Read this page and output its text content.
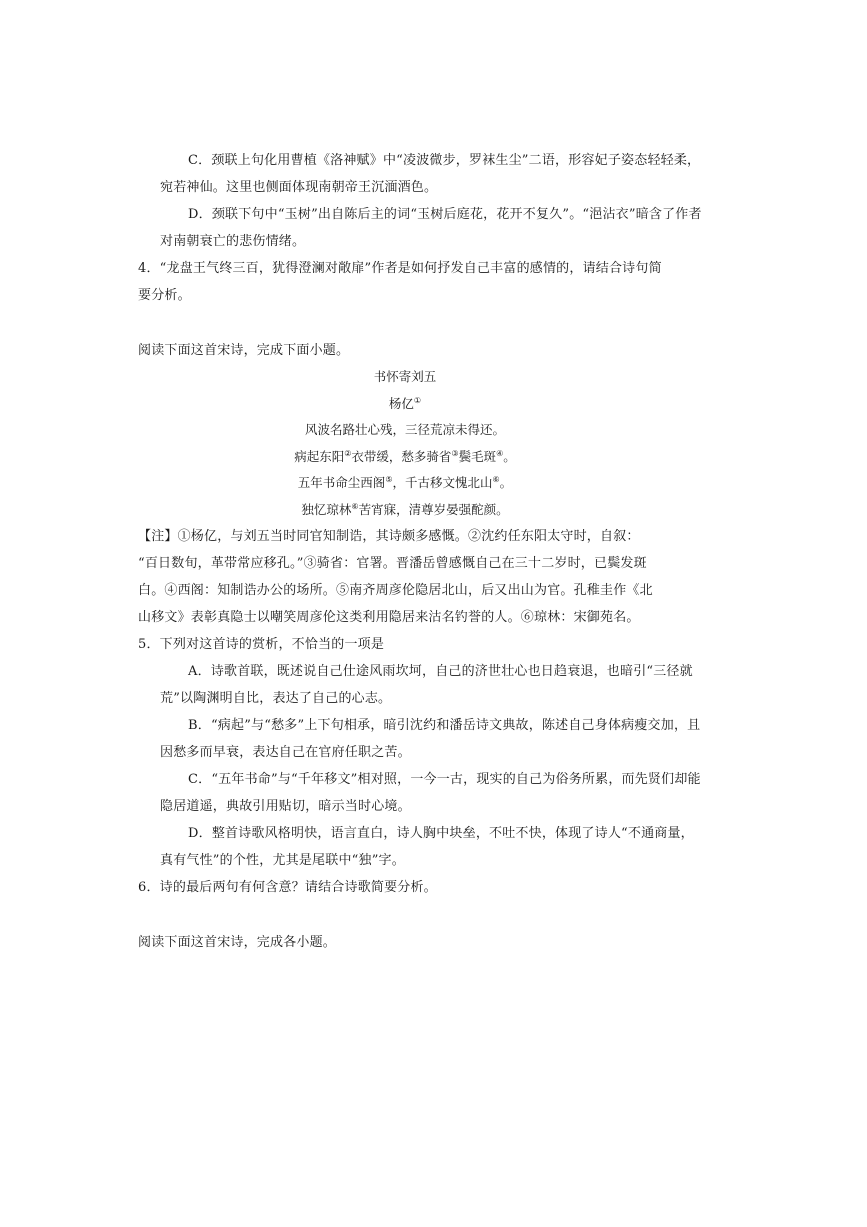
C．颈联上句化用曹植《洛神赋》中“凌波微步，罗袜生尘”二语，形容妃子姿态轻轻柔，
宛若神仙。这里也侧面体现南朝帝王沉湎酒色。
D．颈联下句中“玉树”出自陈后主的词“玉树后庭花，花开不复久”。“浥沾衣”暗含了作者
对南朝衰亡的悲伤情绪。
4．“龙盘王气终三百，犹得澄澜对敞扉”作者是如何抒发自己丰富的感情的，请结合诗句简
要分析。
阅读下面这首宋诗，完成下面小题。
书怀寄刘五
杨亿①
风波名路壮心残，三径荒凉未得还。
病起东阳②衣带缓，愁多骑省③鬓毛斑④。
五年书命尘西阁⑤，千古移文愧北山⑥。
独忆琼林⑥苦宵寐，清尊岁晏强酡颜。
【注】①杨亿，与刘五当时同官知制诰，其诗颇多感慨。②沈约任东阳太守时，自叙：
“百日数旬，革带常应移孔。”③骑省：官署。晋潘岳曾感慨自己在三十二岁时，已鬓发斑
白。④西阁：知制诰办公的场所。⑤南齐周彦伦隐居北山，后又出山为官。孔稚圭作《北
山移文》表彰真隐士以嘲笑周彦伦这类利用隐居来沽名钓誉的人。⑥琼林：宋御苑名。
5．下列对这首诗的赏析，不恰当的一项是
A．诗歌首联，既述说自己仕途风雨坎坷，自己的济世壮心也日趋衰退，也暗引“三径就
荒”以陶渊明自比，表达了自己的心志。
B．“病起”与“愁多”上下句相承，暗引沈约和潘岳诗文典故，陈述自己身体病瘦交加，且
因愁多而早衰，表达自己在官府任职之苦。
C．“五年书命”与“千年移文”相对照，一今一古，现实的自己为俗务所累，而先贤们却能
隐居道遥，典故引用贴切，暗示当时心境。
D．整首诗歌风格明快，语言直白，诗人胸中块垒，不吐不快，体现了诗人“不通商量，
真有气性”的个性，尤其是尾联中“独”字。
6．诗的最后两句有何含意？请结合诗歌简要分析。
阅读下面这首宋诗，完成各小题。
